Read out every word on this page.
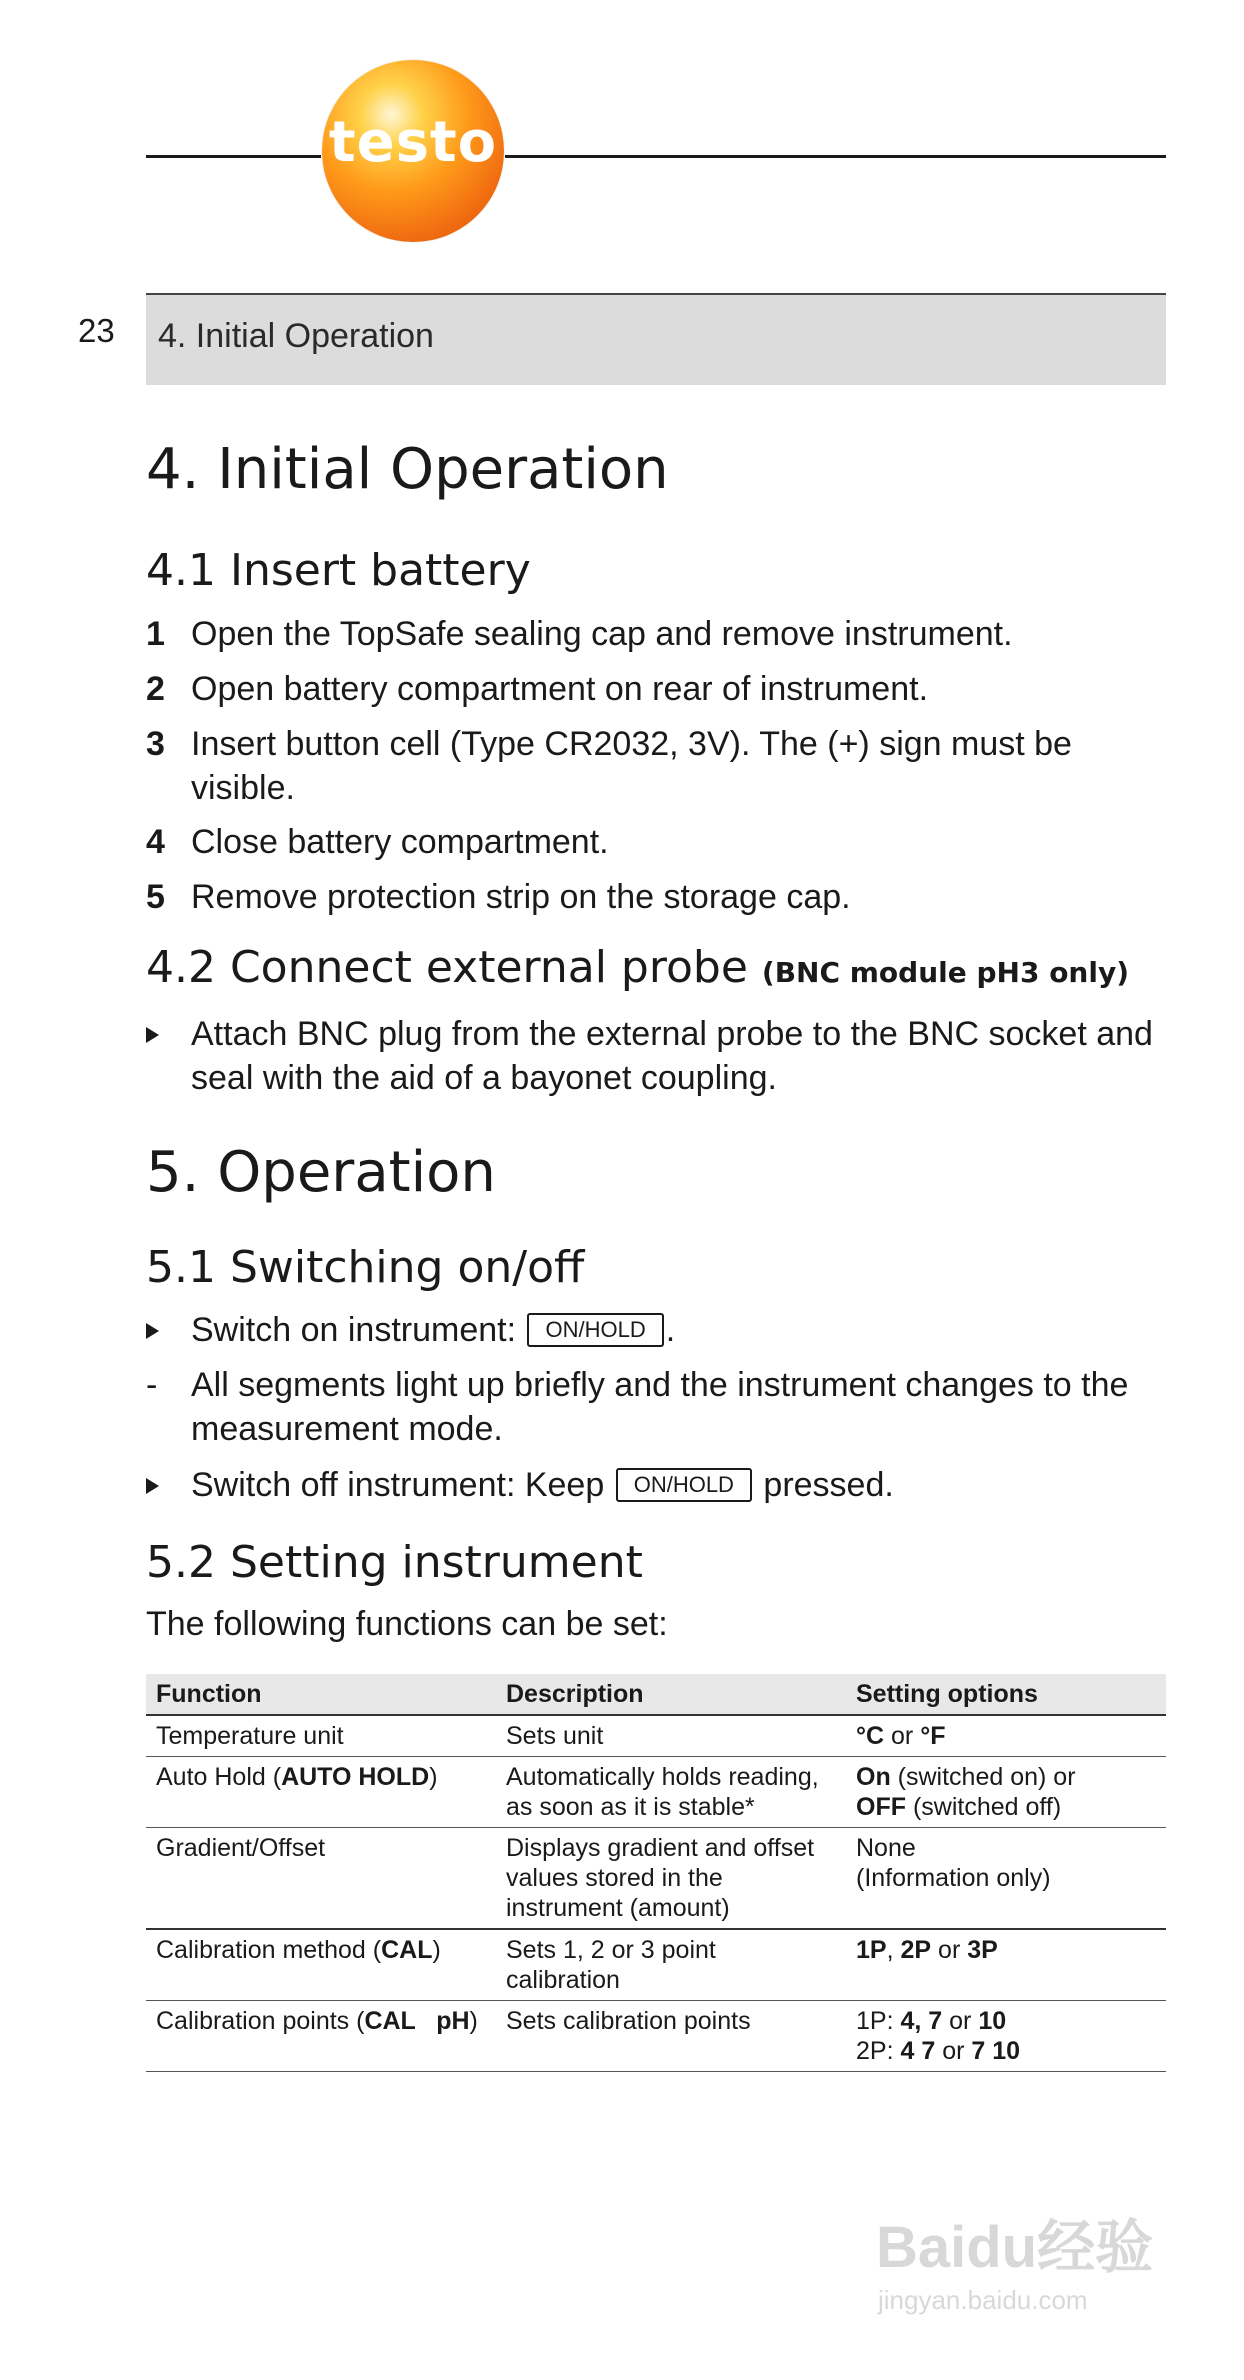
testo
23 4. Initial Operation
4. Initial Operation
4.1 Insert battery
1 Open the TopSafe sealing cap and remove instrument.
2 Open battery compartment on rear of instrument.
3 Insert button cell (Type CR2032, 3V). The (+) sign must be visible.
4 Close battery compartment.
5 Remove protection strip on the storage cap.
4.2 Connect external probe (BNC module pH3 only)
Attach BNC plug from the external probe to the BNC socket and seal with the aid of a bayonet coupling.
5. Operation
5.1 Switching on/off
Switch on instrument: ON/HOLD .
- All segments light up briefly and the instrument changes to the measurement mode.
Switch off instrument: Keep ON/HOLD pressed.
5.2 Setting instrument
The following functions can be set:
Function	Description	Setting options
Temperature unit	Sets unit	°C or °F
Auto Hold (AUTO HOLD)	Automatically holds reading, as soon as it is stable*	On (switched on) or
OFF (switched off)
Gradient/Offset	Displays gradient and offset values stored in the instrument (amount)	None
(Information only)
Calibration method (CAL)	Sets 1, 2 or 3 point calibration	1P, 2P or 3P
Calibration points (CAL   pH)	Sets calibration points	1P: 4, 7 or 10
2P: 4 7 or 7 10
Baidu经验
jingyan.baidu.com
